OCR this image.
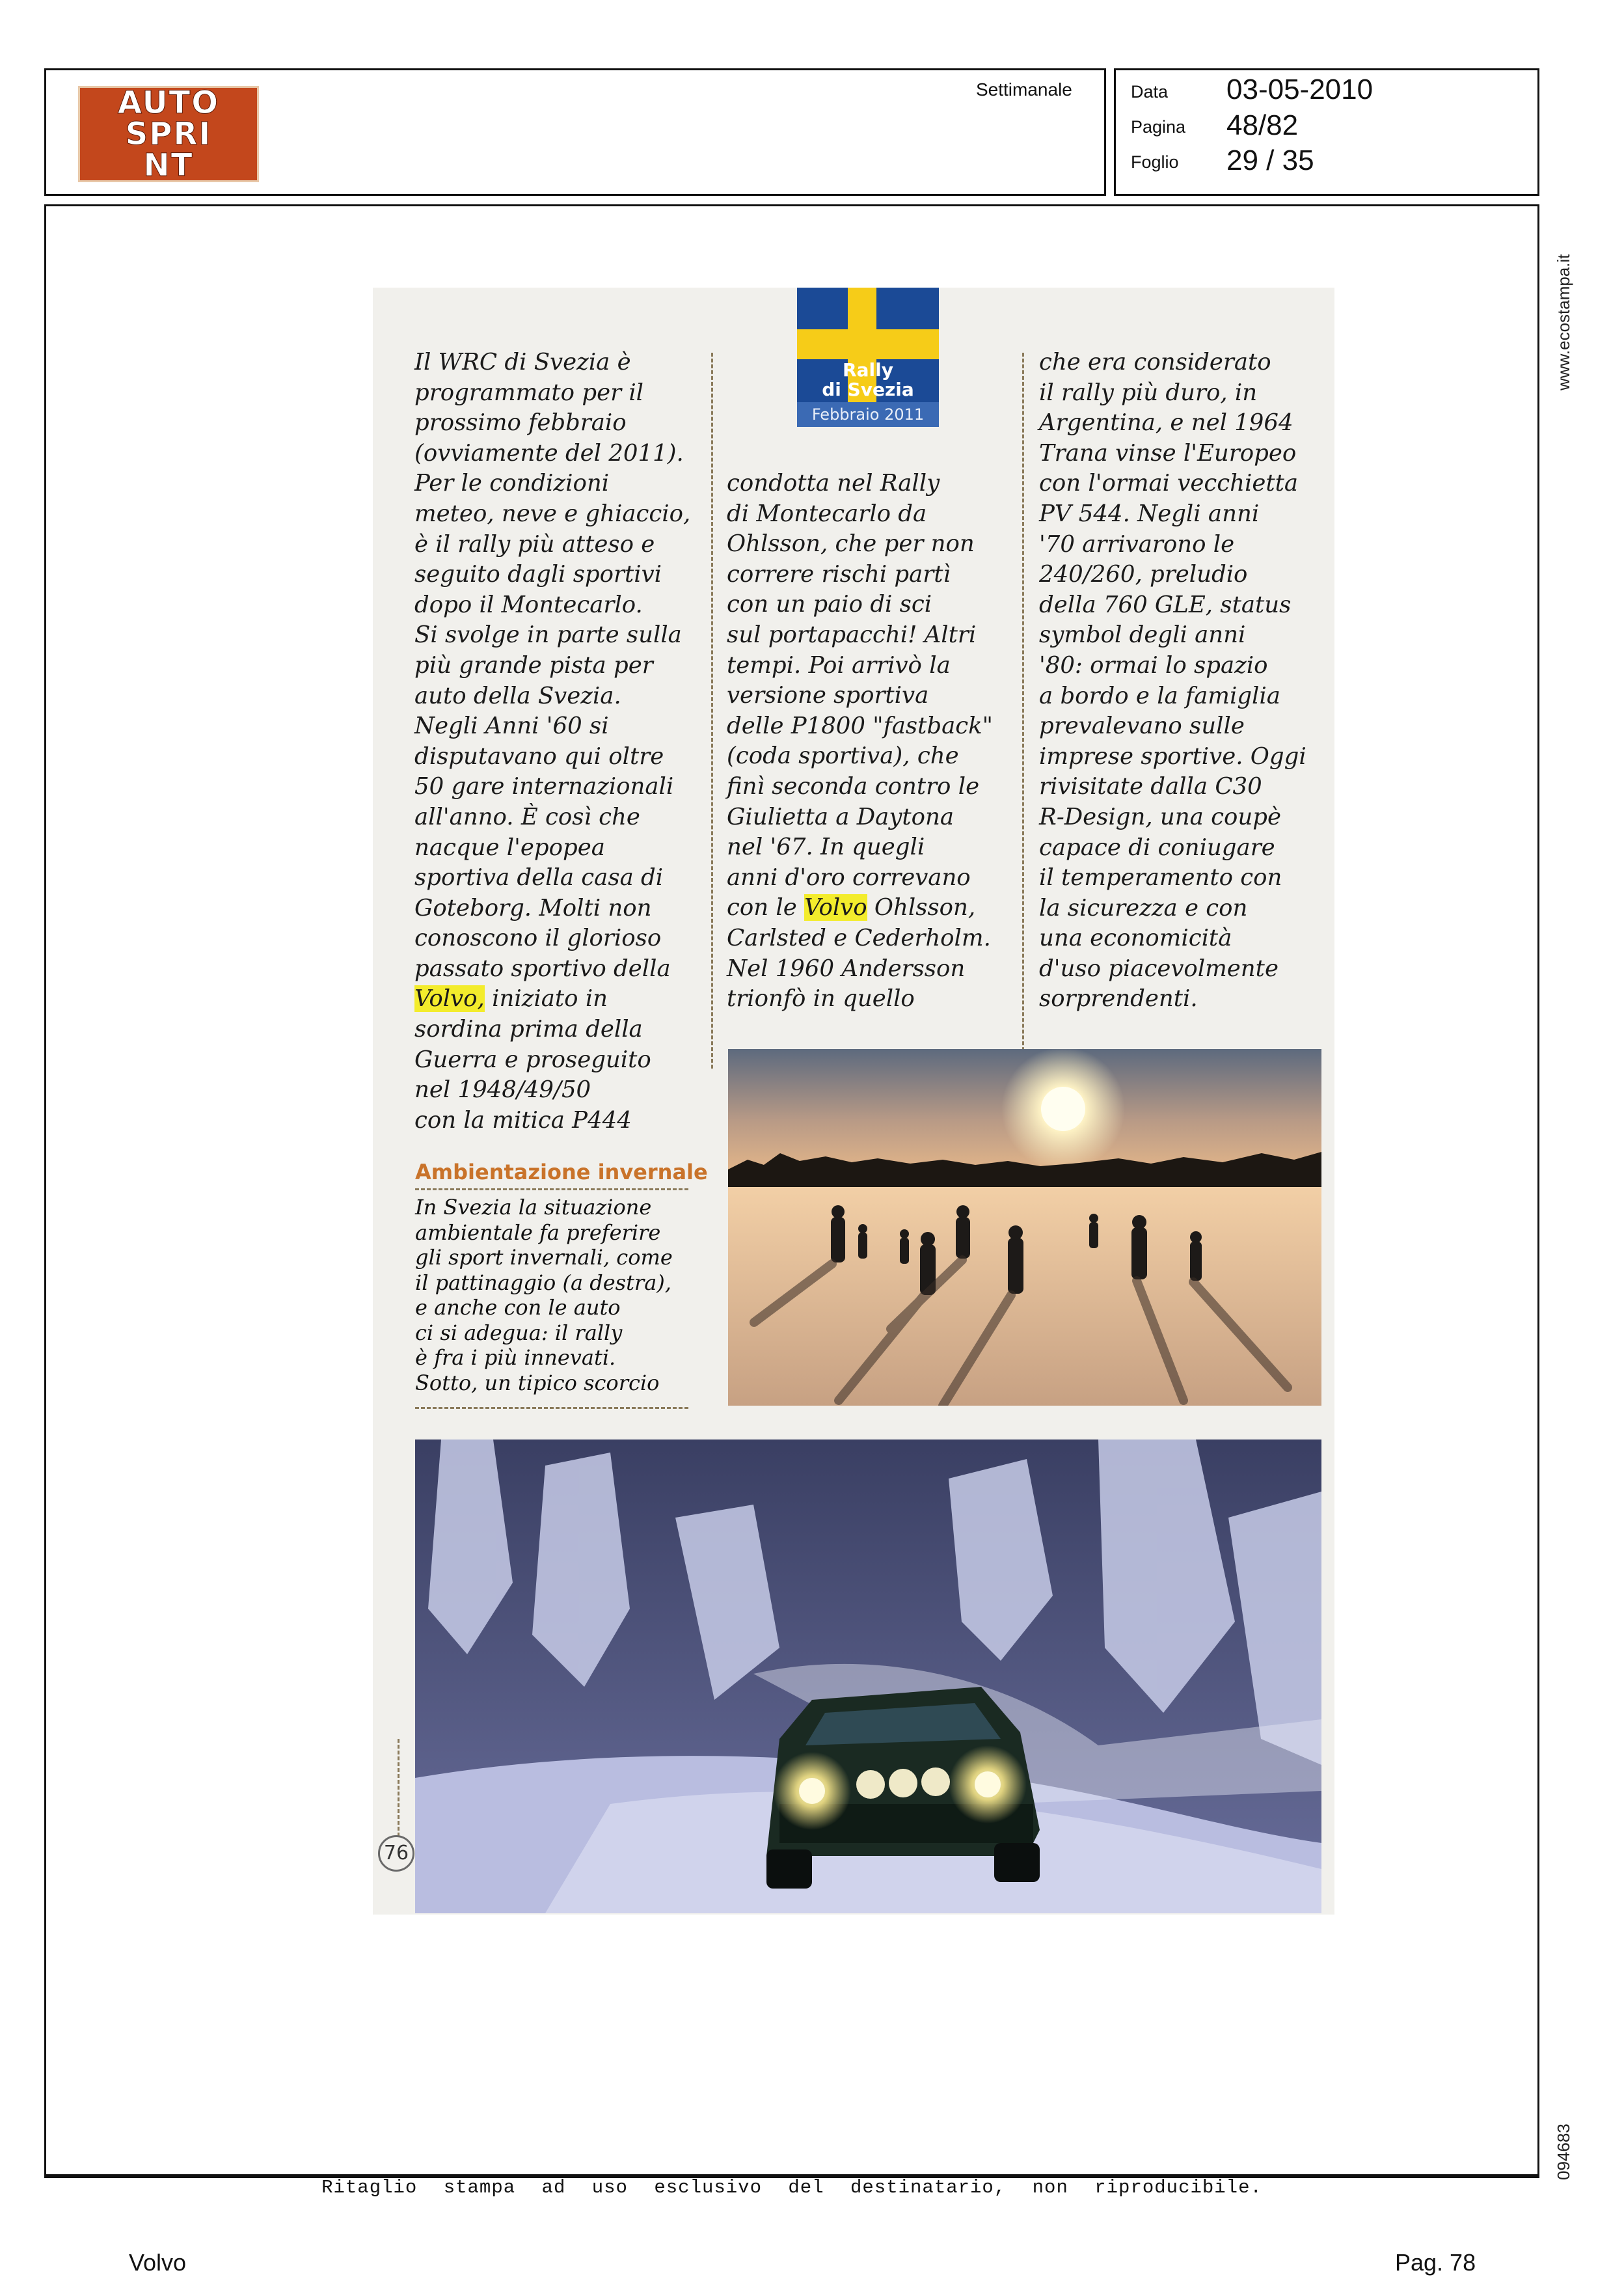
AUTO
SPRI
NT
Settimanale	Data 03-05-2010
Pagina 48/82
Foglio 29 / 35
www.ecostampa.it
094683

Il WRC di Svezia è
programmato per il
prossimo febbraio
(ovviamente del 2011).
Per le condizioni
meteo, neve e ghiaccio,
è il rally più atteso e
seguito dagli sportivi
dopo il Montecarlo.
Si svolge in parte sulla
più grande pista per
auto della Svezia.
Negli Anni '60 si
disputavano qui oltre
50 gare internazionali
all'anno. È così che
nacque l'epopea
sportiva della casa di
Goteborg. Molti non
conoscono il glorioso
passato sportivo della
Volvo, iniziato in
sordina prima della
Guerra e proseguito
nel 1948/49/50
con la mitica P444

Rally
di Svezia
Febbraio 2011

condotta nel Rally
di Montecarlo da
Ohlsson, che per non
correre rischi partì
con un paio di sci
sul portapacchi! Altri
tempi. Poi arrivò la
versione sportiva
delle P1800 "fastback"
(coda sportiva), che
finì seconda contro le
Giulietta a Daytona
nel '67. In quegli
anni d'oro correvano
con le Volvo Ohlsson,
Carlsted e Cederholm.
Nel 1960 Andersson
trionfò in quello

che era considerato
il rally più duro, in
Argentina, e nel 1964
Trana vinse l'Europeo
con l'ormai vecchietta
PV 544. Negli anni
'70 arrivarono le
240/260, preludio
della 760 GLE, status
symbol degli anni
'80: ormai lo spazio
a bordo e la famiglia
prevalevano sulle
imprese sportive. Oggi
rivisitate dalla C30
R-Design, una coupè
capace di coniugare
il temperamento con
la sicurezza e con
una economicità
d'uso piacevolmente
sorprendenti.

Ambientazione invernale

In Svezia la situazione
ambientale fa preferire
gli sport invernali, come
il pattinaggio (a destra),
e anche con le auto
ci si adegua: il rally
è fra i più innevati.
Sotto, un tipico scorcio

76
Ritaglio stampa ad uso esclusivo del destinatario, non riproducibile.
Volvo	Pag. 78
